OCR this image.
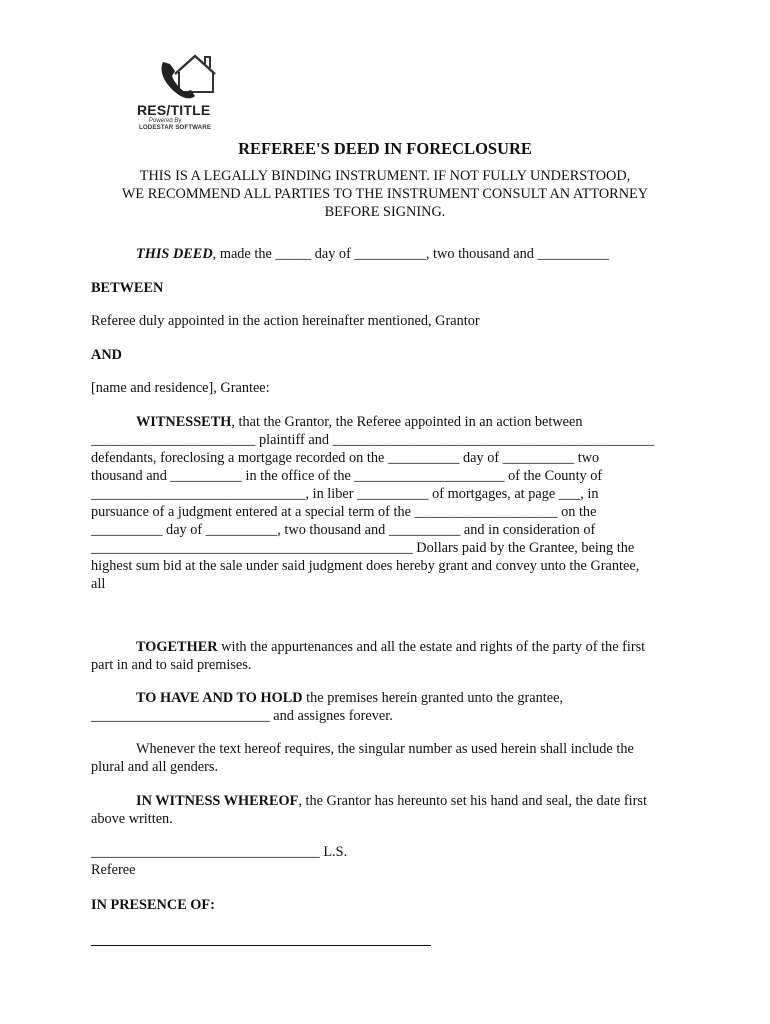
RES/TITLE
Powered By
LODESTAR SOFTWARE
REFEREE'S DEED IN FORECLOSURE
THIS IS A LEGALLY BINDING INSTRUMENT. IF NOT FULLY UNDERSTOOD,
WE RECOMMEND ALL PARTIES TO THE INSTRUMENT CONSULT AN ATTORNEY
BEFORE SIGNING.
THIS DEED, made the _____ day of __________, two thousand and __________
BETWEEN
Referee duly appointed in the action hereinafter mentioned, Grantor
AND
[name and residence], Grantee:
WITNESSETH, that the Grantor, the Referee appointed in an action between
_______________________ plaintiff and _____________________________________________
defendants, foreclosing a mortgage recorded on the __________ day of __________ two
thousand and __________ in the office of the _____________________ of the County of
______________________________, in liber __________ of mortgages, at page ___, in
pursuance of a judgment entered at a special term of the ____________________ on the
__________ day of __________, two thousand and __________ and in consideration of
_____________________________________________ Dollars paid by the Grantee, being the
highest sum bid at the sale under said judgment does hereby grant and convey unto the Grantee,
all
TOGETHER with the appurtenances and all the estate and rights of the party of the first
part in and to said premises.
TO HAVE AND TO HOLD the premises herein granted unto the grantee,
_________________________ and assignes forever.
Whenever the text hereof requires, the singular number as used herein shall include the
plural and all genders.
IN WITNESS WHEREOF, the Grantor has hereunto set his hand and seal, the date first
above written.
________________________________ L.S.
Referee
IN PRESENCE OF:
